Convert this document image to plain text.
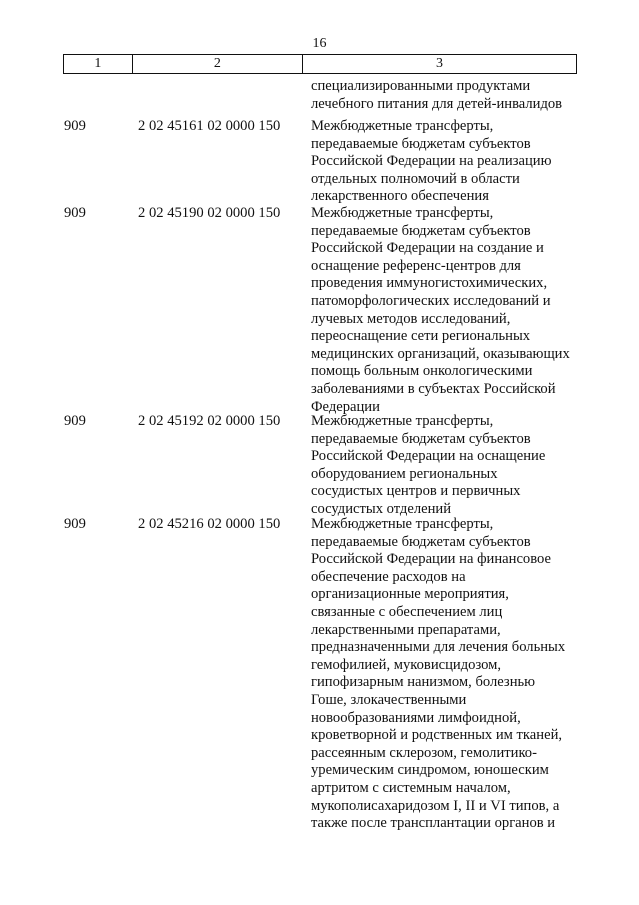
16
1	2	3
специализированными продуктами
лечебного питания для детей-инвалидов
909	2 02 45161 02 0000 150 Межбюджетные трансферты,
передаваемые бюджетам субъектов
Российской Федерации на реализацию
отдельных полномочий в области
лекарственного обеспечения
909	2 02 45190 02 0000 150 Межбюджетные трансферты,
передаваемые бюджетам субъектов
Российской Федерации на создание и
оснащение референс-центров для
проведения иммуногистохимических,
патоморфологических исследований и
лучевых методов исследований,
переоснащение сети региональных
медицинских организаций, оказывающих
помощь больным онкологическими
заболеваниями в субъектах Российской
Федерации
909	2 02 45192 02 0000 150 Межбюджетные трансферты,
передаваемые бюджетам субъектов
Российской Федерации на оснащение
оборудованием региональных
сосудистых центров и первичных
сосудистых отделений
909	2 02 45216 02 0000 150 Межбюджетные трансферты,
передаваемые бюджетам субъектов
Российской Федерации на финансовое
обеспечение расходов на
организационные мероприятия,
связанные с обеспечением лиц
лекарственными препаратами,
предназначенными для лечения больных
гемофилией, муковисцидозом,
гипофизарным нанизмом, болезнью
Гоше, злокачественными
новообразованиями лимфоидной,
кроветворной и родственных им тканей,
рассеянным склерозом, гемолитико-
уремическим синдромом, юношеским
артритом с системным началом,
мукополисахаридозом I, II и VI типов, а
также после трансплантации органов и
